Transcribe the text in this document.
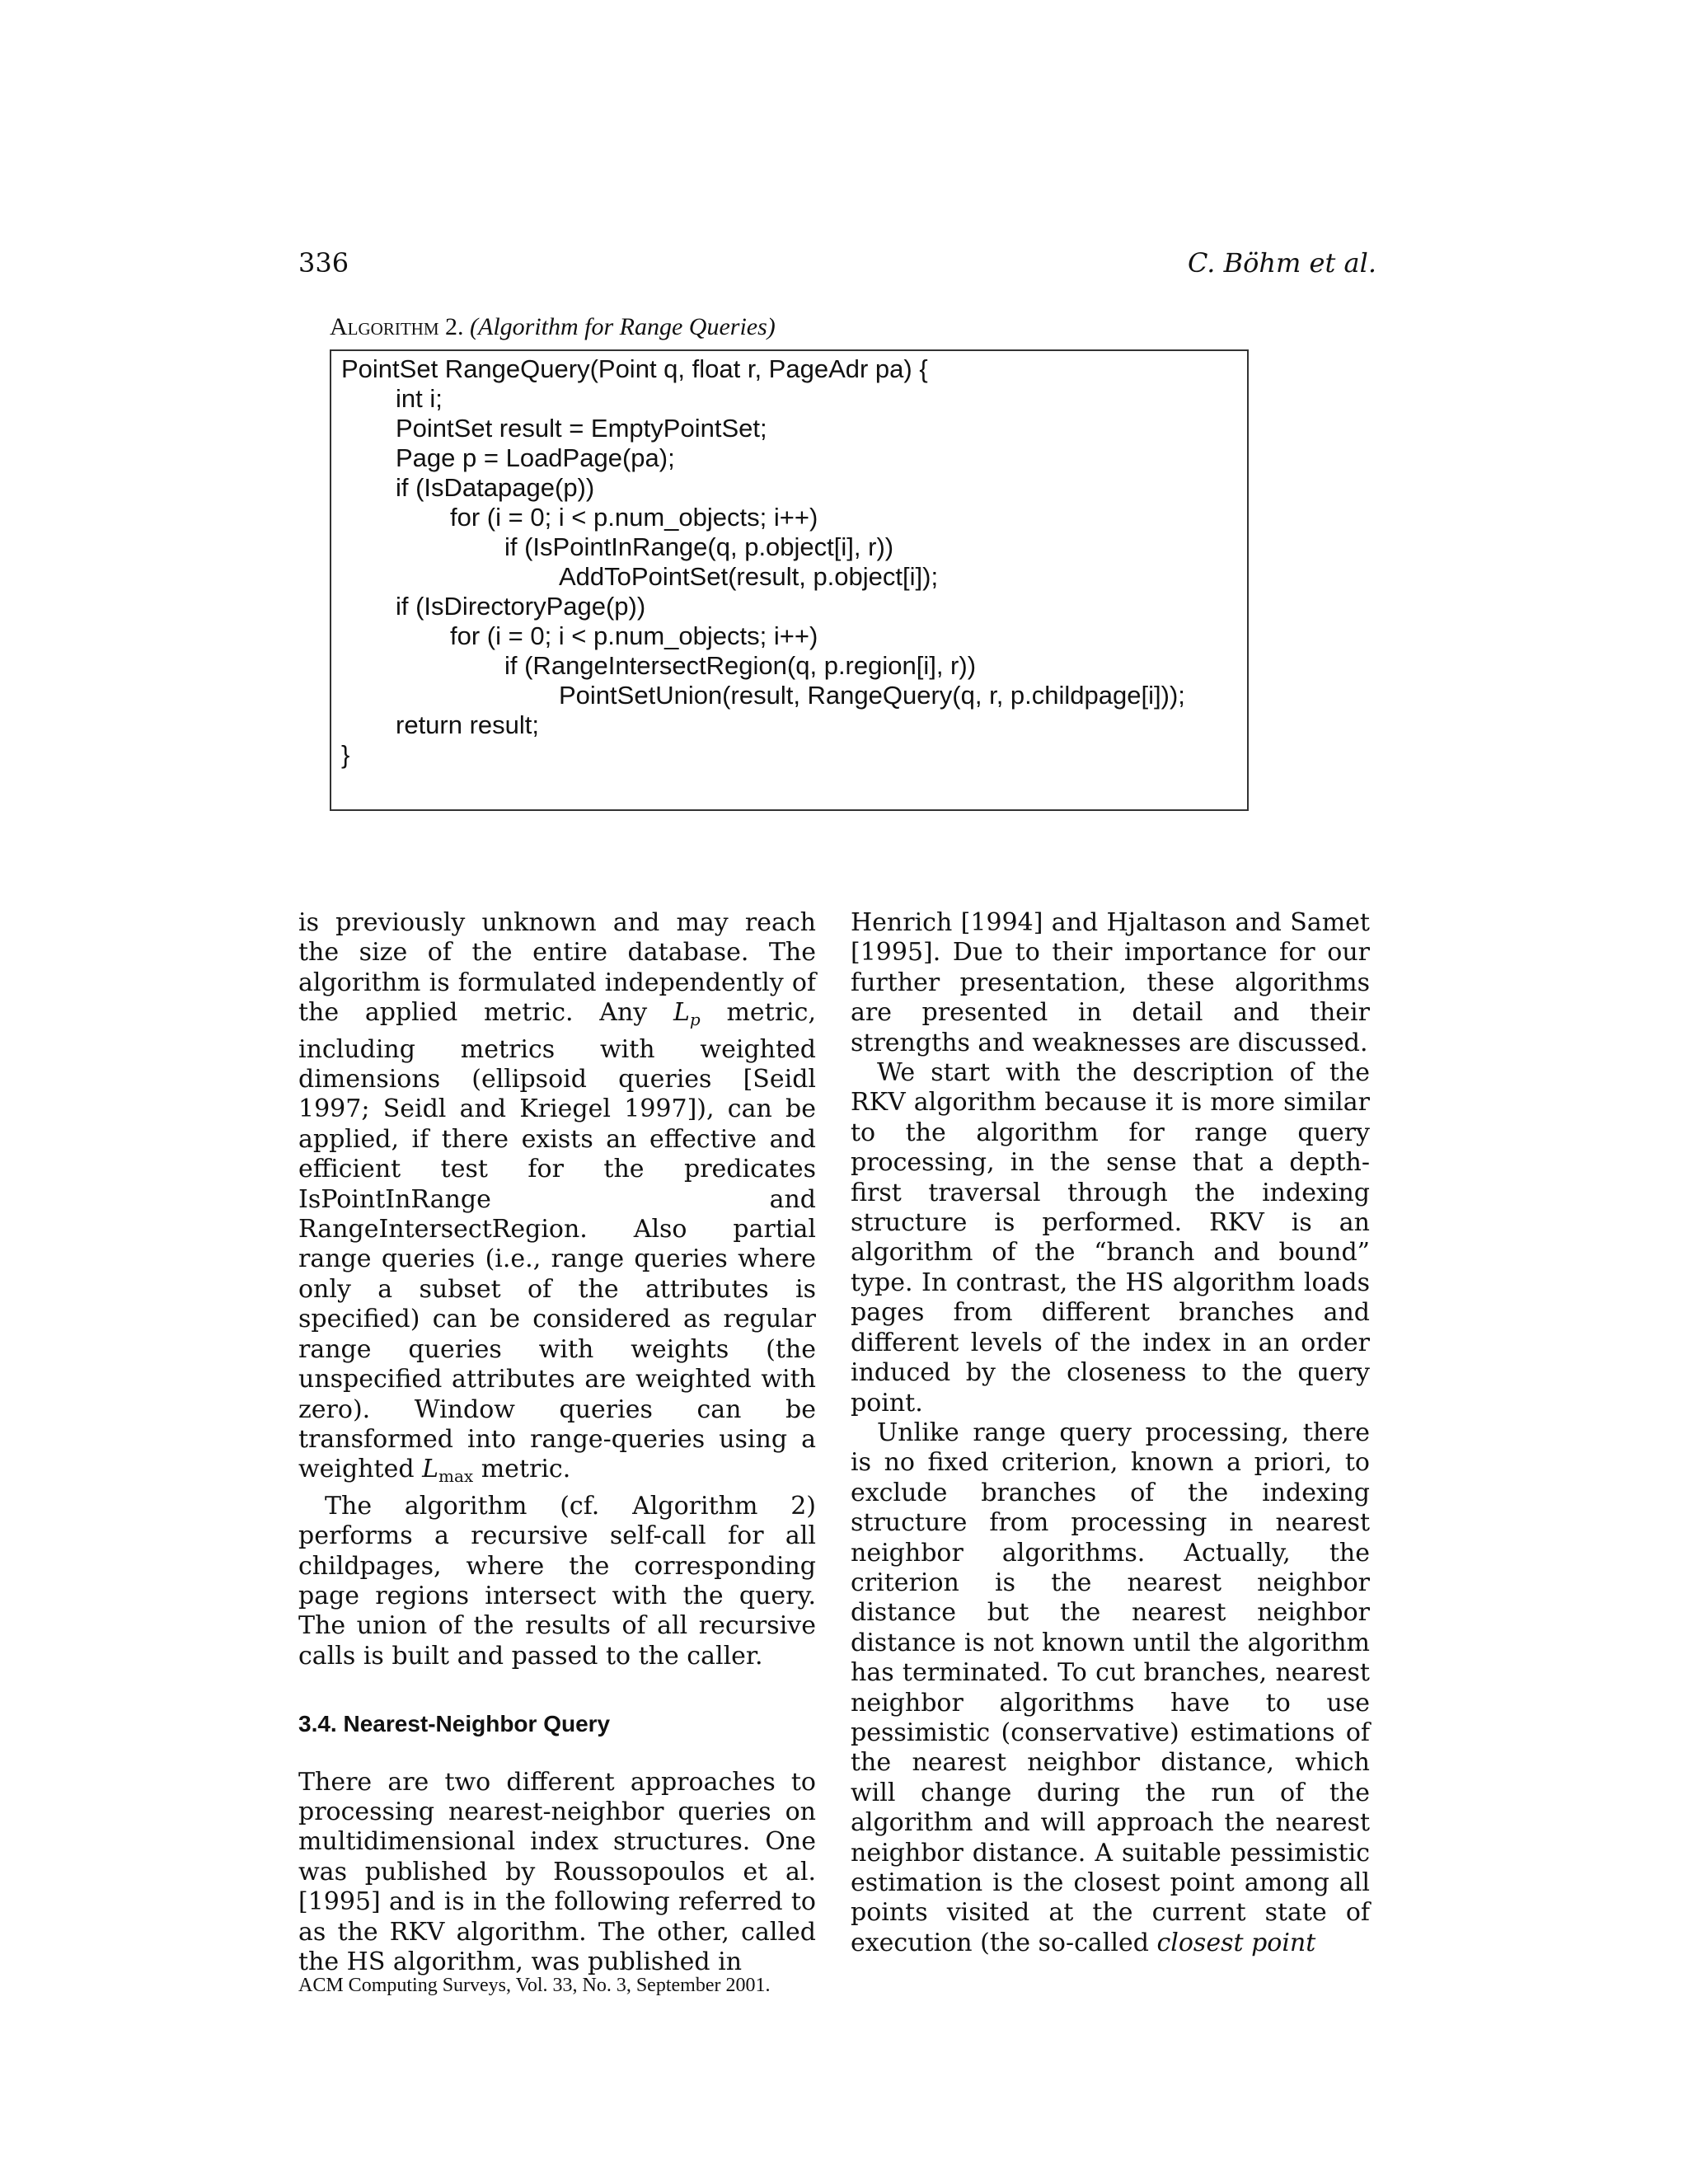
336	C. Böhm et al.
Algorithm 2. (Algorithm for Range Queries)
PointSet RangeQuery(Point q, float r, PageAdr pa) {
int i;
PointSet result = EmptyPointSet;
Page p = LoadPage(pa);
if (IsDatapage(p))
for (i = 0; i < p.num_objects; i++)
if (IsPointInRange(q, p.object[i], r))
AddToPointSet(result, p.object[i]);
if (IsDirectoryPage(p))
for (i = 0; i < p.num_objects; i++)
if (RangeIntersectRegion(q, p.region[i], r))
PointSetUnion(result, RangeQuery(q, r, p.childpage[i]));
return result;
}

is previously unknown and may reach the size of the entire database. The algorithm is formulated independently of the applied metric. Any $L_p$ metric, including metrics with weighted dimensions (ellipsoid queries [Seidl 1997; Seidl and Kriegel 1997]), can be applied, if there exists an effective and efficient test for the predicates IsPointInRange and RangeIntersectRegion. Also partial range queries (i.e., range queries where only a subset of the attributes is specified) can be considered as regular range queries with weights (the unspecified attributes are weighted with zero). Window queries can be transformed into range-queries using a weighted $L_{max}$ metric.

The algorithm (cf. Algorithm 2) performs a recursive self-call for all childpages, where the corresponding page regions intersect with the query. The union of the results of all recursive calls is built and passed to the caller.

3.4. Nearest-Neighbor Query

There are two different approaches to processing nearest-neighbor queries on multidimensional index structures. One was published by Roussopoulos et al. [1995] and is in the following referred to as the RKV algorithm. The other, called the HS algorithm, was published in

Henrich [1994] and Hjaltason and Samet [1995]. Due to their importance for our further presentation, these algorithms are presented in detail and their strengths and weaknesses are discussed.

We start with the description of the RKV algorithm because it is more similar to the algorithm for range query processing, in the sense that a depth-first traversal through the indexing structure is performed. RKV is an algorithm of the “branch and bound” type. In contrast, the HS algorithm loads pages from different branches and different levels of the index in an order induced by the closeness to the query point.

Unlike range query processing, there is no fixed criterion, known a priori, to exclude branches of the indexing structure from processing in nearest neighbor algorithms. Actually, the criterion is the nearest neighbor distance but the nearest neighbor distance is not known until the algorithm has terminated. To cut branches, nearest neighbor algorithms have to use pessimistic (conservative) estimations of the nearest neighbor distance, which will change during the run of the algorithm and will approach the nearest neighbor distance. A suitable pessimistic estimation is the closest point among all points visited at the current state of execution (the so-called closest point

ACM Computing Surveys, Vol. 33, No. 3, September 2001.
